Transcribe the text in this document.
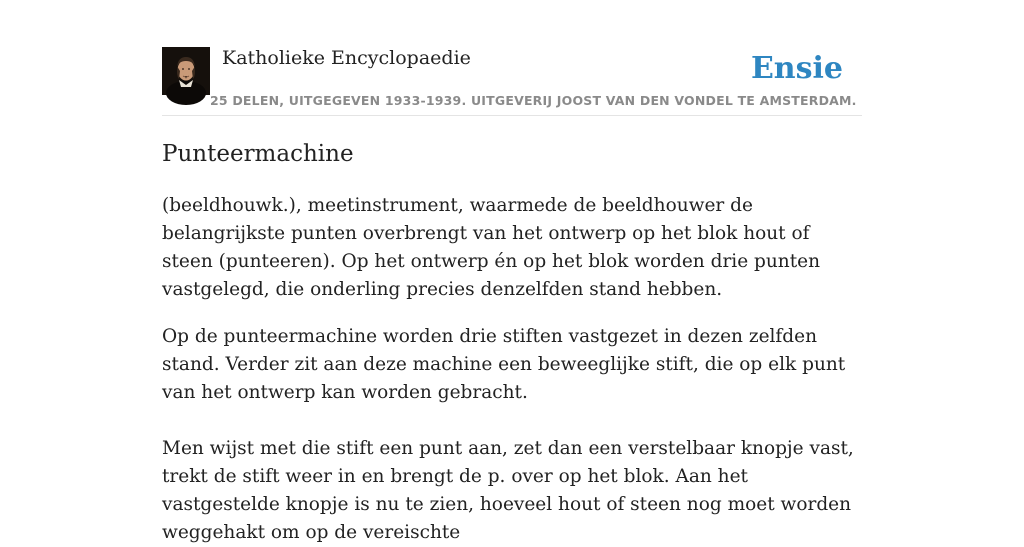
Katholieke Encyclopaedie
25 DELEN, UITGEGEVEN 1933-1939. UITGEVERIJ JOOST VAN DEN VONDEL TE AMSTERDAM.
Ensie
Punteermachine

(beeldhouwk.), meetinstrument, waarmede de beeldhouwer de belangrijkste punten overbrengt van het ontwerp op het blok hout of steen (punteeren). Op het ontwerp én op het blok worden drie punten vastgelegd, die onderling precies denzelfden stand hebben.

Op de punteermachine worden drie stiften vastgezet in dezen zelfden stand. Verder zit aan deze machine een beweeglijke stift, die op elk punt van het ontwerp kan worden gebracht.

Men wijst met die stift een punt aan, zet dan een verstelbaar knopje vast, trekt de stift weer in en brengt de p. over op het blok. Aan het vastgestelde knopje is nu te zien, hoeveel hout of steen nog moet worden weggehakt om op de vereischte
